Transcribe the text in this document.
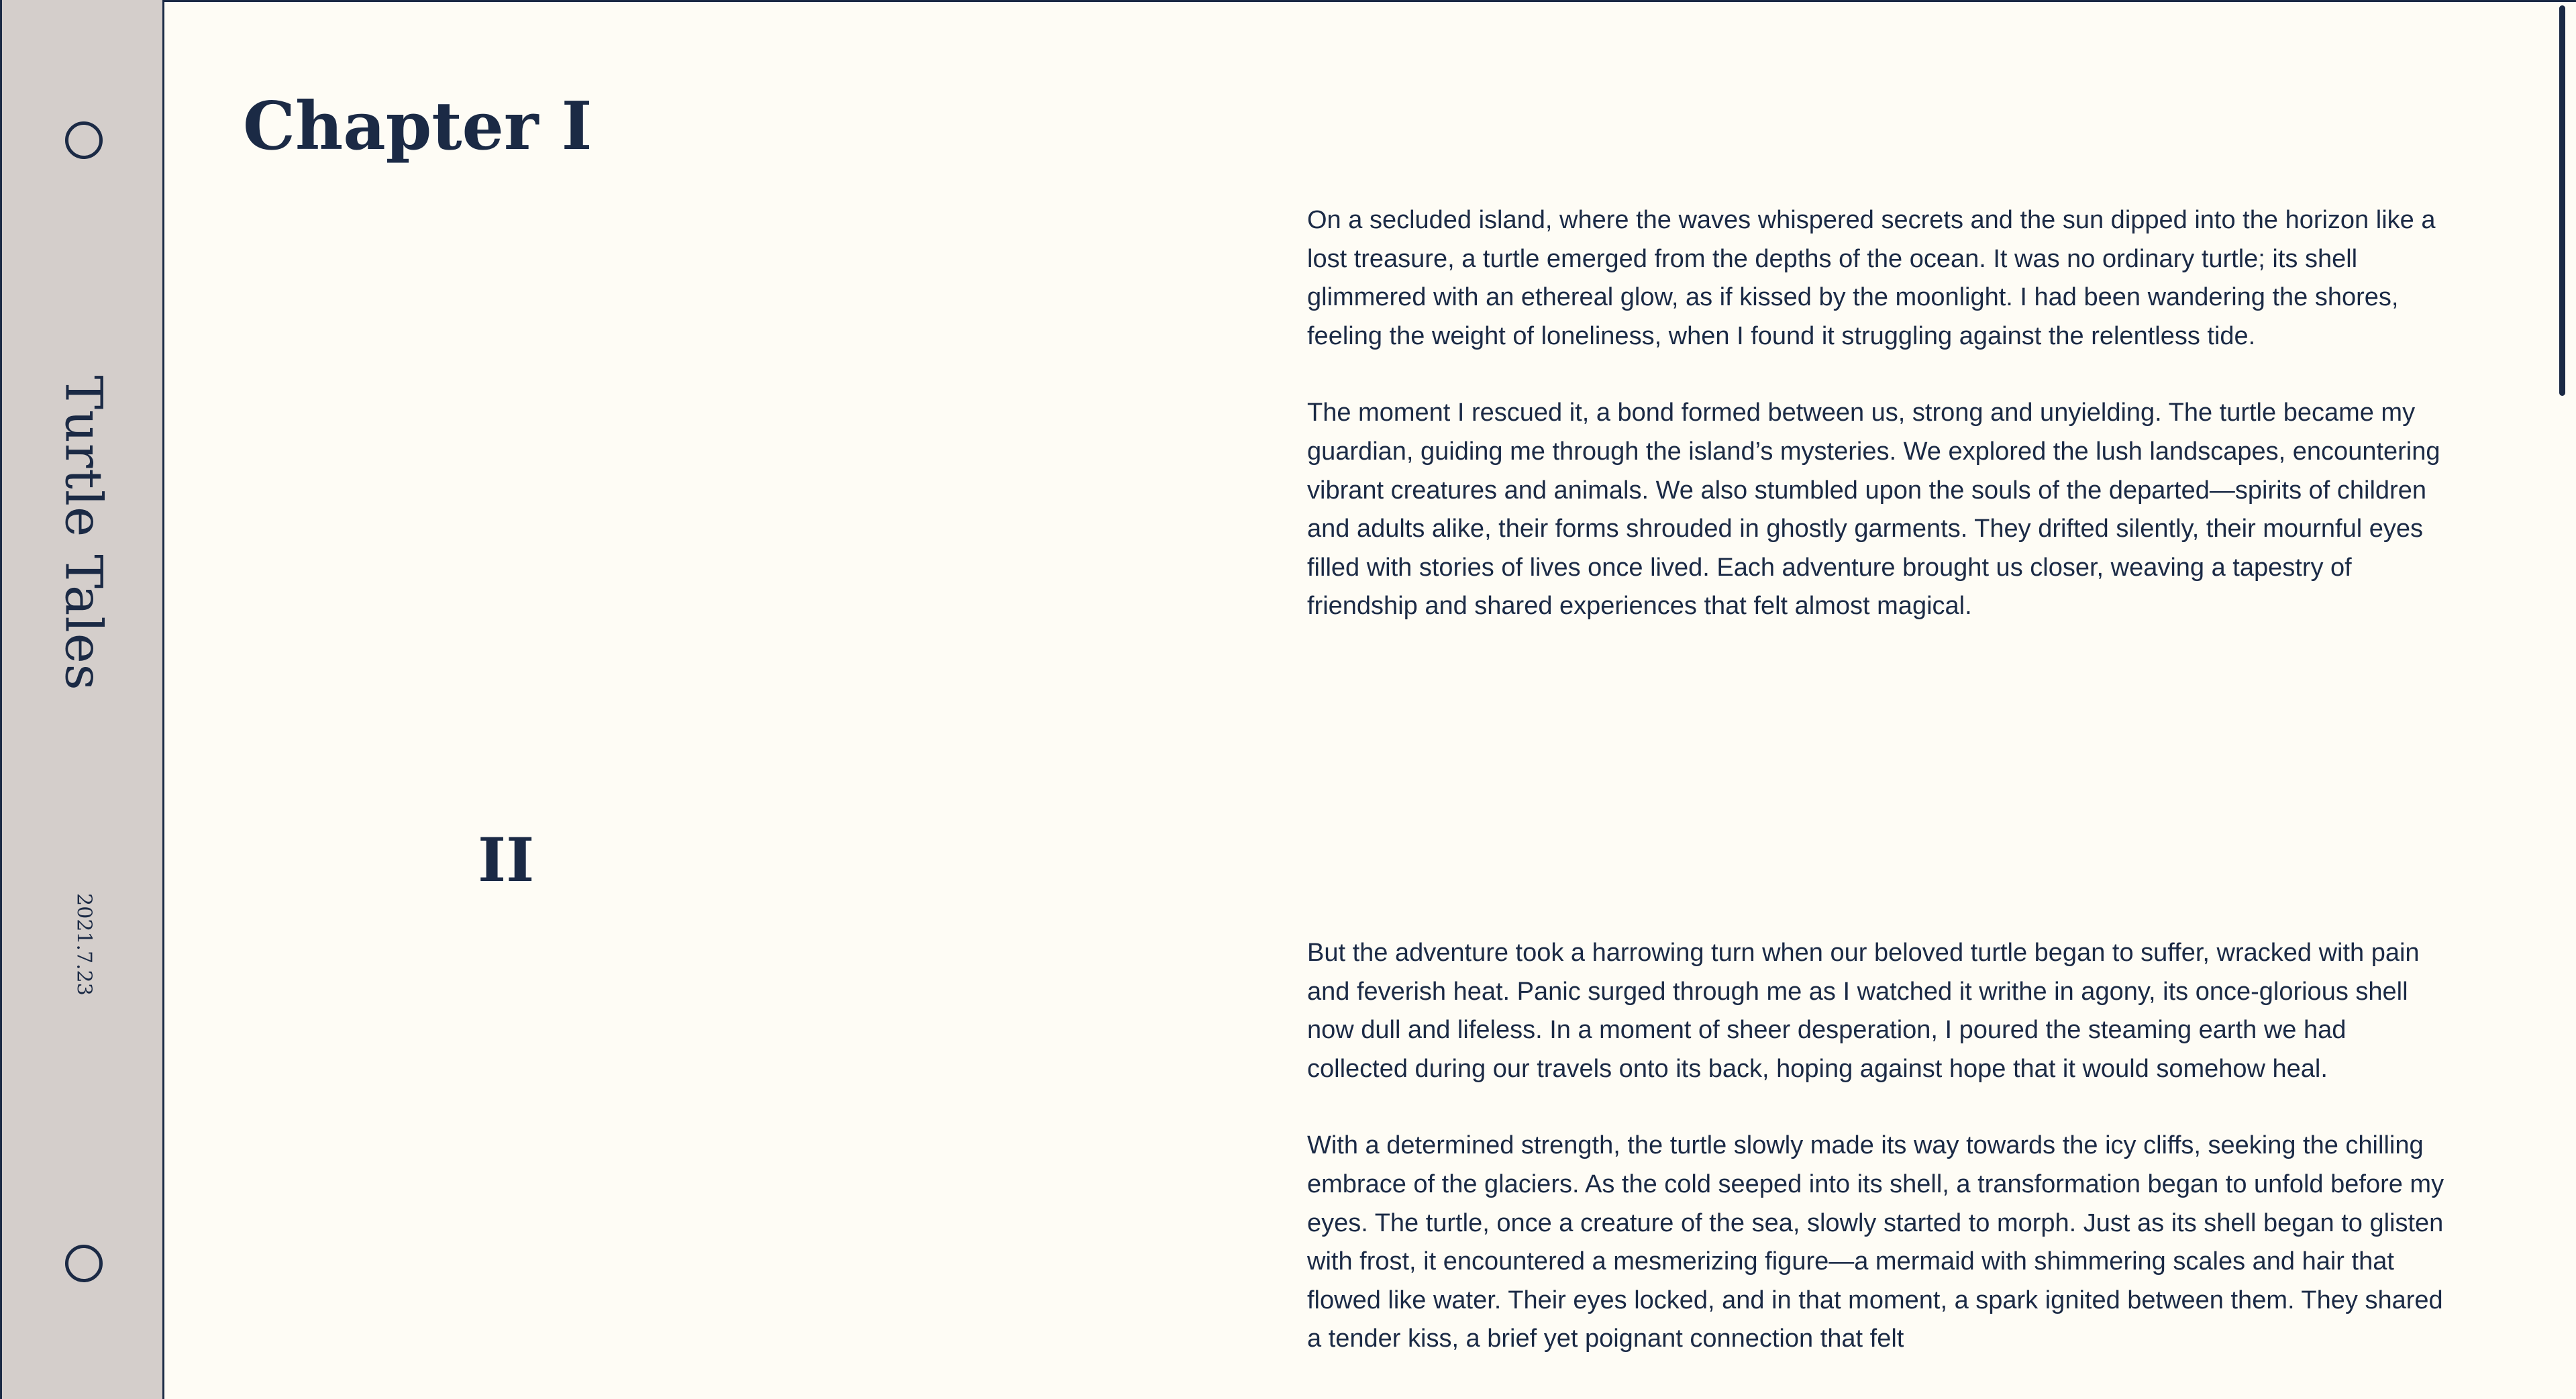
Turtle Tales
2021.7.23
Chapter I

On a secluded island, where the waves whispered secrets and the sun dipped into the horizon like a lost treasure, a turtle emerged from the depths of the ocean. It was no ordinary turtle; its shell glimmered with an ethereal glow, as if kissed by the moonlight. I had been wandering the shores, feeling the weight of loneliness, when I found it struggling against the relentless tide.

The moment I rescued it, a bond formed between us, strong and unyielding. The turtle became my guardian, guiding me through the island’s mysteries. We explored the lush landscapes, encountering vibrant creatures and animals. We also stumbled upon the souls of the departed—spirits of children and adults alike, their forms shrouded in ghostly garments. They drifted silently, their mournful eyes filled with stories of lives once lived. Each adventure brought us closer, weaving a tapestry of friendship and shared experiences that felt almost magical.

II

But the adventure took a harrowing turn when our beloved turtle began to suffer, wracked with pain and feverish heat. Panic surged through me as I watched it writhe in agony, its once-glorious shell now dull and lifeless. In a moment of sheer desperation, I poured the steaming earth we had collected during our travels onto its back, hoping against hope that it would somehow heal.

With a determined strength, the turtle slowly made its way towards the icy cliffs, seeking the chilling embrace of the glaciers. As the cold seeped into its shell, a transformation began to unfold before my eyes. The turtle, once a creature of the sea, slowly started to morph. Just as its shell began to glisten with frost, it encountered a mesmerizing figure—a mermaid with shimmering scales and hair that flowed like water. Their eyes locked, and in that moment, a spark ignited between them. They shared a tender kiss, a brief yet poignant connection that felt
